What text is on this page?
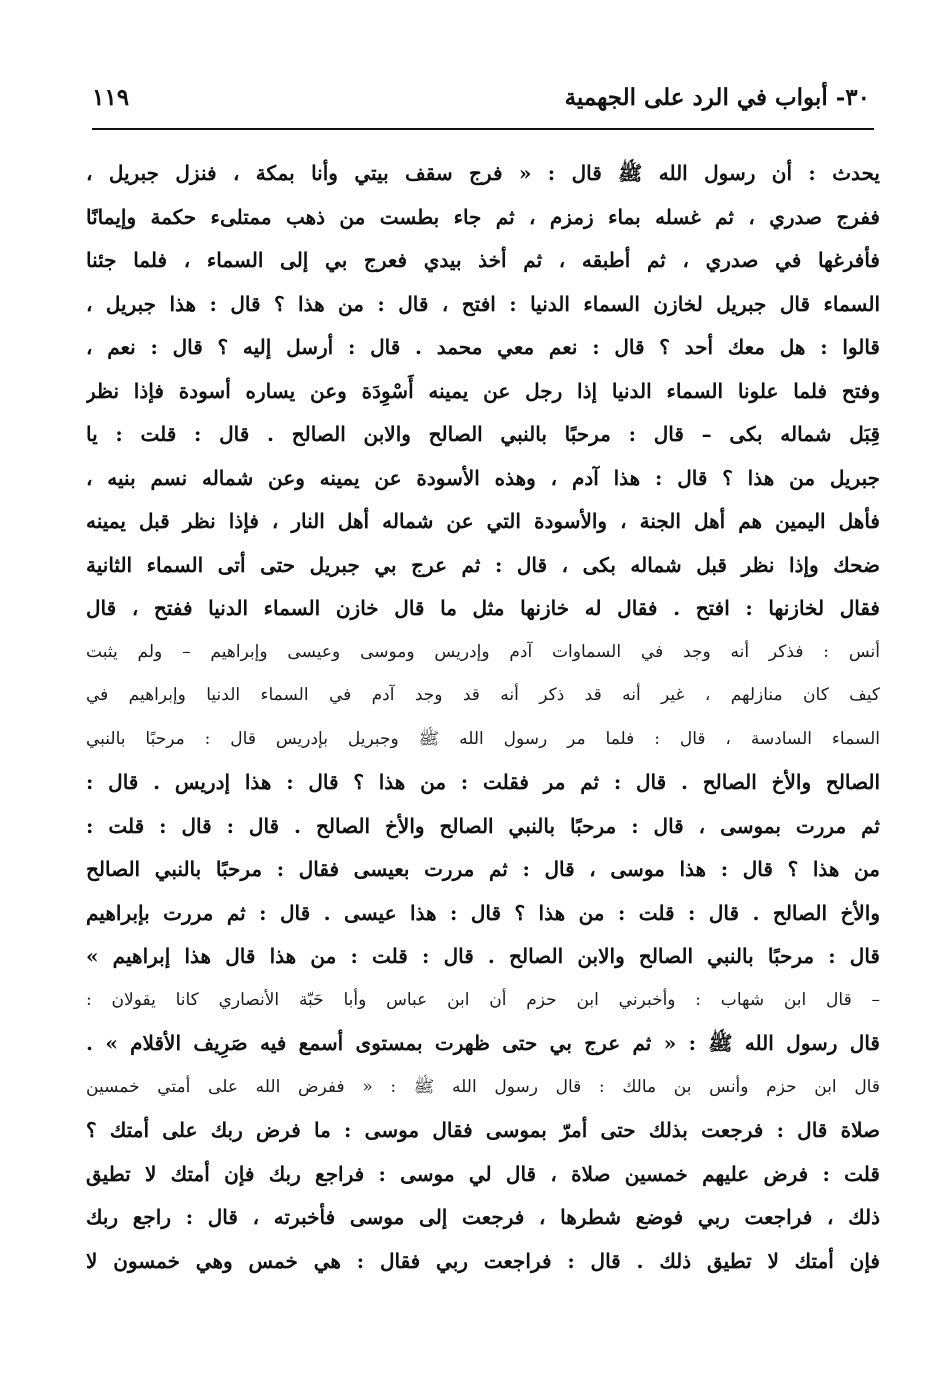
٣٠- أبواب في الرد على الجهمية
١١٩
يحدث : أن رسول الله ﷺ قال : « فرج سقف بيتي وأنا بمكة ، فنزل جبريل ،
ففرج صدري ، ثم غسله بماء زمزم ، ثم جاء بطست من ذهب ممتلىء حكمة وإيمانًا
فأفرغها في صدري ، ثم أطبقه ، ثم أخذ بيدي فعرج بي إلى السماء ، فلما جئنا
السماء قال جبريل لخازن السماء الدنيا : افتح ، قال : من هذا ؟ قال : هذا جبريل ،
قالوا : هل معك أحد ؟ قال : نعم معي محمد . قال : أرسل إليه ؟ قال : نعم ،
وفتح فلما علونا السماء الدنيا إذا رجل عن يمينه أَسْوِدَة وعن يساره أسودة فإذا نظر
قِبَل شماله بكى – قال : مرحبًا بالنبي الصالح والابن الصالح . قال : قلت : يا
جبريل من هذا ؟ قال : هذا آدم ، وهذه الأسودة عن يمينه وعن شماله نسم بنيه ،
فأهل اليمين هم أهل الجنة ، والأسودة التي عن شماله أهل النار ، فإذا نظر قبل يمينه
ضحك وإذا نظر قبل شماله بكى ، قال : ثم عرج بي جبريل حتى أتى السماء الثانية
فقال لخازنها : افتح . فقال له خازنها مثل ما قال خازن السماء الدنيا ففتح ، قال
أنس : فذكر أنه وجد في السماوات آدم وإدريس وموسى وعيسى وإبراهيم – ولم يثبت
كيف كان منازلهم ، غير أنه قد ذكر أنه قد وجد آدم في السماء الدنيا وإبراهيم في
السماء السادسة ، قال : فلما مر رسول الله ﷺ وجبريل بإدريس قال : مرحبًا بالنبي
الصالح والأخ الصالح . قال : ثم مر فقلت : من هذا ؟ قال : هذا إدريس . قال :
ثم مررت بموسى ، قال : مرحبًا بالنبي الصالح والأخ الصالح . قال : قال : قلت :
من هذا ؟ قال : هذا موسى ، قال : ثم مررت بعيسى فقال : مرحبًا بالنبي الصالح
والأخ الصالح . قال : قلت : من هذا ؟ قال : هذا عيسى . قال : ثم مررت بإبراهيم
قال : مرحبًا بالنبي الصالح والابن الصالح . قال : قلت : من هذا قال هذا إبراهيم »
– قال ابن شهاب : وأخبرني ابن حزم أن ابن عباس وأبا حَبّة الأنصاري كانا يقولان :
قال رسول الله ﷺ : « ثم عرج بي حتى ظهرت بمستوى أسمع فيه صَرِيف الأقلام » .
قال ابن حزم وأنس بن مالك : قال رسول الله ﷺ : « ففرض الله على أمتي خمسين
صلاة قال : فرجعت بذلك حتى أمرّ بموسى فقال موسى : ما فرض ربك على أمتك ؟
قلت : فرض عليهم خمسين صلاة ، قال لي موسى : فراجع ربك فإن أمتك لا تطيق
ذلك ، فراجعت ربي فوضع شطرها ، فرجعت إلى موسى فأخبرته ، قال : راجع ربك
فإن أمتك لا تطيق ذلك . قال : فراجعت ربي فقال : هي خمس وهي خمسون لا
